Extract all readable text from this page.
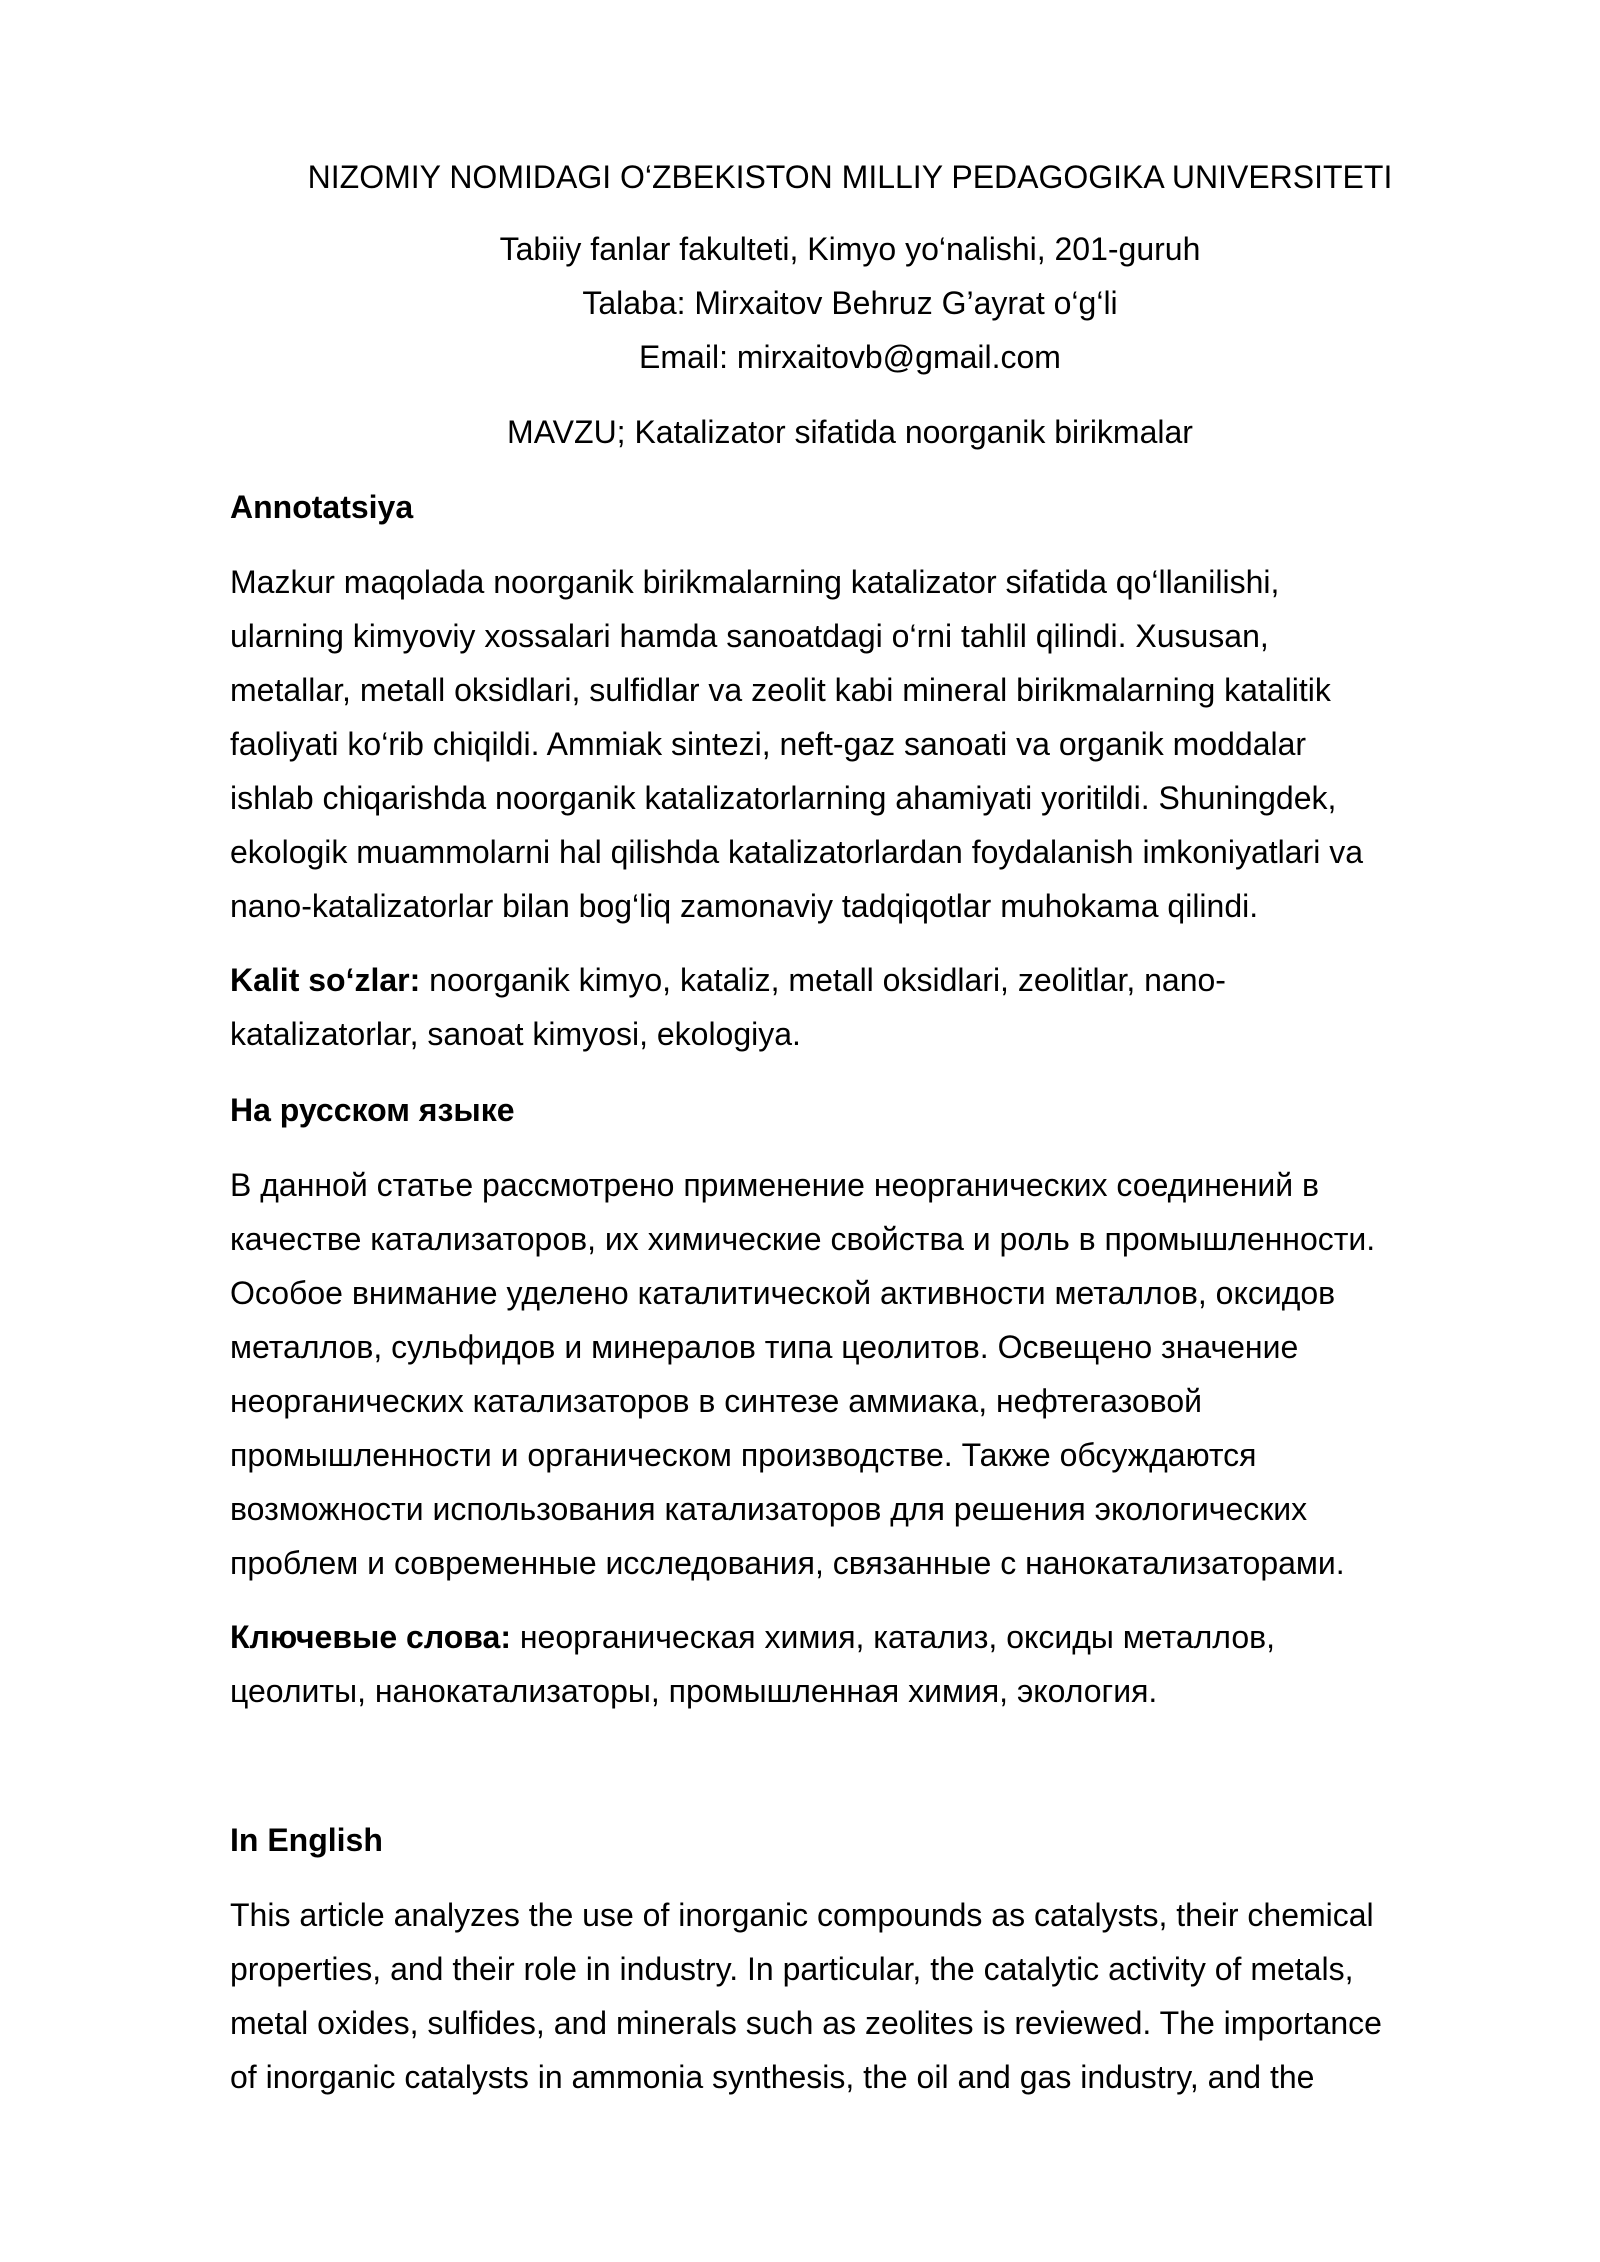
NIZOMIY NOMIDAGI O‘ZBEKISTON MILLIY PEDAGOGIKA UNIVERSITETI

Tabiiy fanlar fakulteti, Kimyo yo‘nalishi, 201-guruh

Talaba: Mirxaitov Behruz G’ayrat o‘g‘li

Email: mirxaitovb@gmail.com

MAVZU; Katalizator sifatida noorganik birikmalar

Annotatsiya

Mazkur maqolada noorganik birikmalarning katalizator sifatida qo‘llanilishi,
ularning kimyoviy xossalari hamda sanoatdagi o‘rni tahlil qilindi. Xususan,
metallar, metall oksidlari, sulfidlar va zeolit kabi mineral birikmalarning katalitik
faoliyati ko‘rib chiqildi. Ammiak sintezi, neft-gaz sanoati va organik moddalar
ishlab chiqarishda noorganik katalizatorlarning ahamiyati yoritildi. Shuningdek,
ekologik muammolarni hal qilishda katalizatorlardan foydalanish imkoniyatlari va
nano-katalizatorlar bilan bog‘liq zamonaviy tadqiqotlar muhokama qilindi.
Kalit so‘zlar: noorganik kimyo, kataliz, metall oksidlari, zeolitlar, nano-
katalizatorlar, sanoat kimyosi, ekologiya.

На русском языке

В данной статье рассмотрено применение неорганических соединений в
качестве катализаторов, их химические свойства и роль в промышленности.
Особое внимание уделено каталитической активности металлов, оксидов
металлов, сульфидов и минералов типа цеолитов. Освещено значение
неорганических катализаторов в синтезе аммиака, нефтегазовой
промышленности и органическом производстве. Также обсуждаются
возможности использования катализаторов для решения экологических
проблем и современные исследования, связанные с нанокатализаторами.
Ключевые слова: неорганическая химия, катализ, оксиды металлов,
цеолиты, нанокатализаторы, промышленная химия, экология.

In English

This article analyzes the use of inorganic compounds as catalysts, their chemical
properties, and their role in industry. In particular, the catalytic activity of metals,
metal oxides, sulfides, and minerals such as zeolites is reviewed. The importance
of inorganic catalysts in ammonia synthesis, the oil and gas industry, and the
